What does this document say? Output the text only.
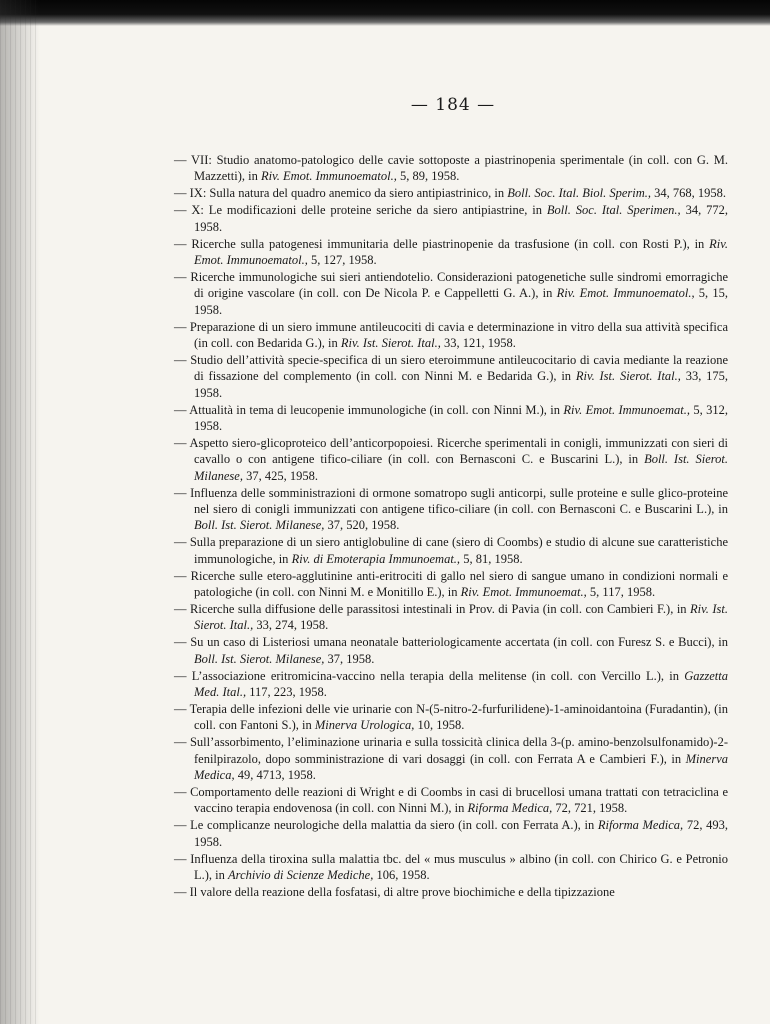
— 184 —

— VII: Studio anatomo-patologico delle cavie sottoposte a piastrinopenia sperimentale (in coll. con G. M. Mazzetti), in Riv. Emot. Immunoematol., 5, 89, 1958.

— IX: Sulla natura del quadro anemico da siero antipiastrinico, in Boll. Soc. Ital. Biol. Sperim., 34, 768, 1958.

— X: Le modificazioni delle proteine seriche da siero antipiastrine, in Boll. Soc. Ital. Sperimen., 34, 772, 1958.

— Ricerche sulla patogenesi immunitaria delle piastrinopenie da trasfusione (in coll. con Rosti P.), in Riv. Emot. Immunoematol., 5, 127, 1958.

— Ricerche immunologiche sui sieri antiendotelio. Considerazioni patogenetiche sulle sindromi emorragiche di origine vascolare (in coll. con De Nicola P. e Cappelletti G. A.), in Riv. Emot. Immunoematol., 5, 15, 1958.

— Preparazione di un siero immune antileucociti di cavia e determinazione in vitro della sua attività specifica (in coll. con Bedarida G.), in Riv. Ist. Sierot. Ital., 33, 121, 1958.

— Studio dell’attività specie-specifica di un siero eteroimmune antileucocitario di cavia mediante la reazione di fissazione del complemento (in coll. con Ninni M. e Bedarida G.), in Riv. Ist. Sierot. Ital., 33, 175, 1958.

— Attualità in tema di leucopenie immunologiche (in coll. con Ninni M.), in Riv. Emot. Immunoemat., 5, 312, 1958.

— Aspetto siero-glicoproteico dell’anticorpopoiesi. Ricerche sperimentali in conigli, immunizzati con sieri di cavallo o con antigene tifico-ciliare (in coll. con Bernasconi C. e Buscarini L.), in Boll. Ist. Sierot. Milanese, 37, 425, 1958.

— Influenza delle somministrazioni di ormone somatropo sugli anticorpi, sulle proteine e sulle glico-proteine nel siero di conigli immunizzati con antigene tifico-ciliare (in coll. con Bernasconi C. e Buscarini L.), in Boll. Ist. Sierot. Milanese, 37, 520, 1958.

— Sulla preparazione di un siero antiglobuline di cane (siero di Coombs) e studio di alcune sue caratteristiche immunologiche, in Riv. di Emoterapia Immunoemat., 5, 81, 1958.

— Ricerche sulle etero-agglutinine anti-eritrociti di gallo nel siero di sangue umano in condizioni normali e patologiche (in coll. con Ninni M. e Monitillo E.), in Riv. Emot. Immunoemat., 5, 117, 1958.

— Ricerche sulla diffusione delle parassitosi intestinali in Prov. di Pavia (in coll. con Cambieri F.), in Riv. Ist. Sierot. Ital., 33, 274, 1958.

— Su un caso di Listeriosi umana neonatale batteriologicamente accertata (in coll. con Furesz S. e Bucci), in Boll. Ist. Sierot. Milanese, 37, 1958.

— L’associazione eritromicina-vaccino nella terapia della melitense (in coll. con Vercillo L.), in Gazzetta Med. Ital., 117, 223, 1958.

— Terapia delle infezioni delle vie urinarie con N-(5-nitro-2-furfurilidene)-1-aminoidantoina (Furadantin), (in coll. con Fantoni S.), in Minerva Urologica, 10, 1958.

— Sull’assorbimento, l’eliminazione urinaria e sulla tossicità clinica della 3-(p. amino-benzolsulfonamido)-2-fenilpirazolo, dopo somministrazione di vari dosaggi (in coll. con Ferrata A e Cambieri F.), in Minerva Medica, 49, 4713, 1958.

— Comportamento delle reazioni di Wright e di Coombs in casi di brucellosi umana trattati con tetraciclina e vaccino terapia endovenosa (in coll. con Ninni M.), in Riforma Medica, 72, 721, 1958.

— Le complicanze neurologiche della malattia da siero (in coll. con Ferrata A.), in Riforma Medica, 72, 493, 1958.

— Influenza della tiroxina sulla malattia tbc. del « mus musculus » albino (in coll. con Chirico G. e Petronio L.), in Archivio di Scienze Mediche, 106, 1958.

— Il valore della reazione della fosfatasi, di altre prove biochimiche e della tipizzazione
